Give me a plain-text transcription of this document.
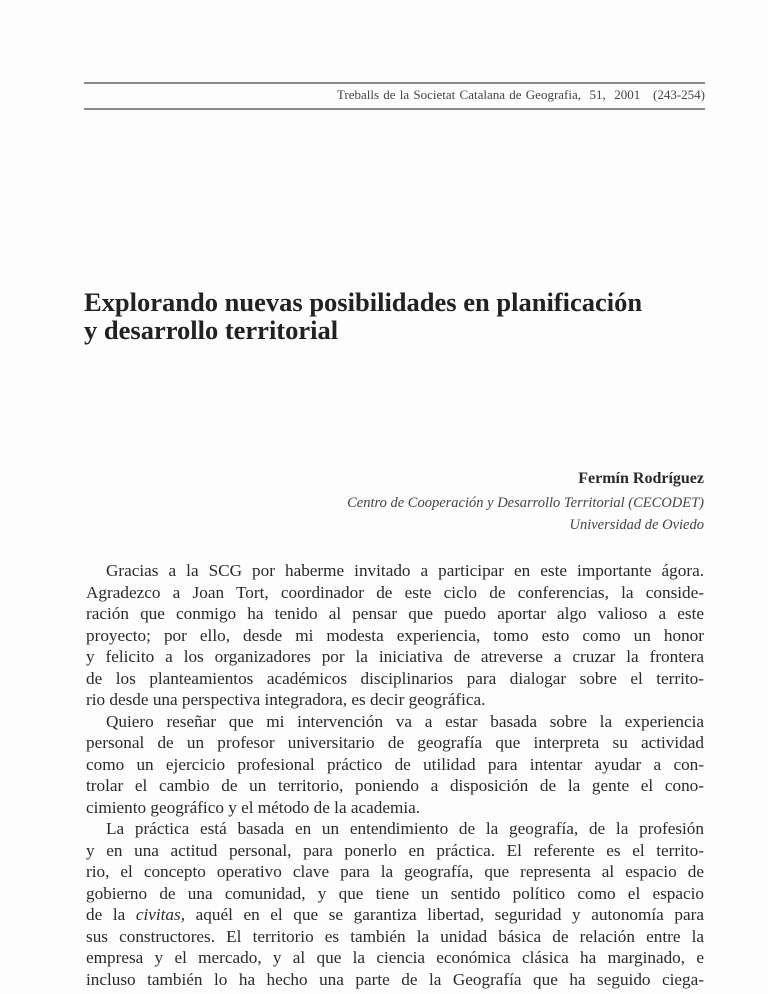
Treballs de la Societat Catalana de Geografia,  51,  2001   (243-254)
Explorando nuevas posibilidades en planificación
y desarrollo territorial
Fermín Rodríguez
Centro de Cooperación y Desarrollo Territorial (CECODET)
Universidad de Oviedo
Gracias a la SCG por haberme invitado a participar en este importante ágora.
Agradezco a Joan Tort, coordinador de este ciclo de conferencias, la conside-
ración que conmigo ha tenido al pensar que puedo aportar algo valioso a este
proyecto; por ello, desde mi modesta experiencia, tomo esto como un honor
y felicito a los organizadores por la iniciativa de atreverse a cruzar la frontera
de los planteamientos académicos disciplinarios para dialogar sobre el territo-
rio desde una perspectiva integradora, es decir geográfica.
Quiero reseñar que mi intervención va a estar basada sobre la experiencia
personal de un profesor universitario de geografía que interpreta su actividad
como un ejercicio profesional práctico de utilidad para intentar ayudar a con-
trolar el cambio de un territorio, poniendo a disposición de la gente el cono-
cimiento geográfico y el método de la academia.
La práctica está basada en un entendimiento de la geografía, de la profesión
y en una actitud personal, para ponerlo en práctica. El referente es el territo-
rio, el concepto operativo clave para la geografía, que representa al espacio de
gobierno de una comunidad, y que tiene un sentido político como el espacio
de la civitas, aquél en el que se garantiza libertad, seguridad y autonomía para
sus constructores. El territorio es también la unidad básica de relación entre la
empresa y el mercado, y al que la ciencia económica clásica ha marginado, e
incluso también lo ha hecho una parte de la Geografía que ha seguido ciega-
